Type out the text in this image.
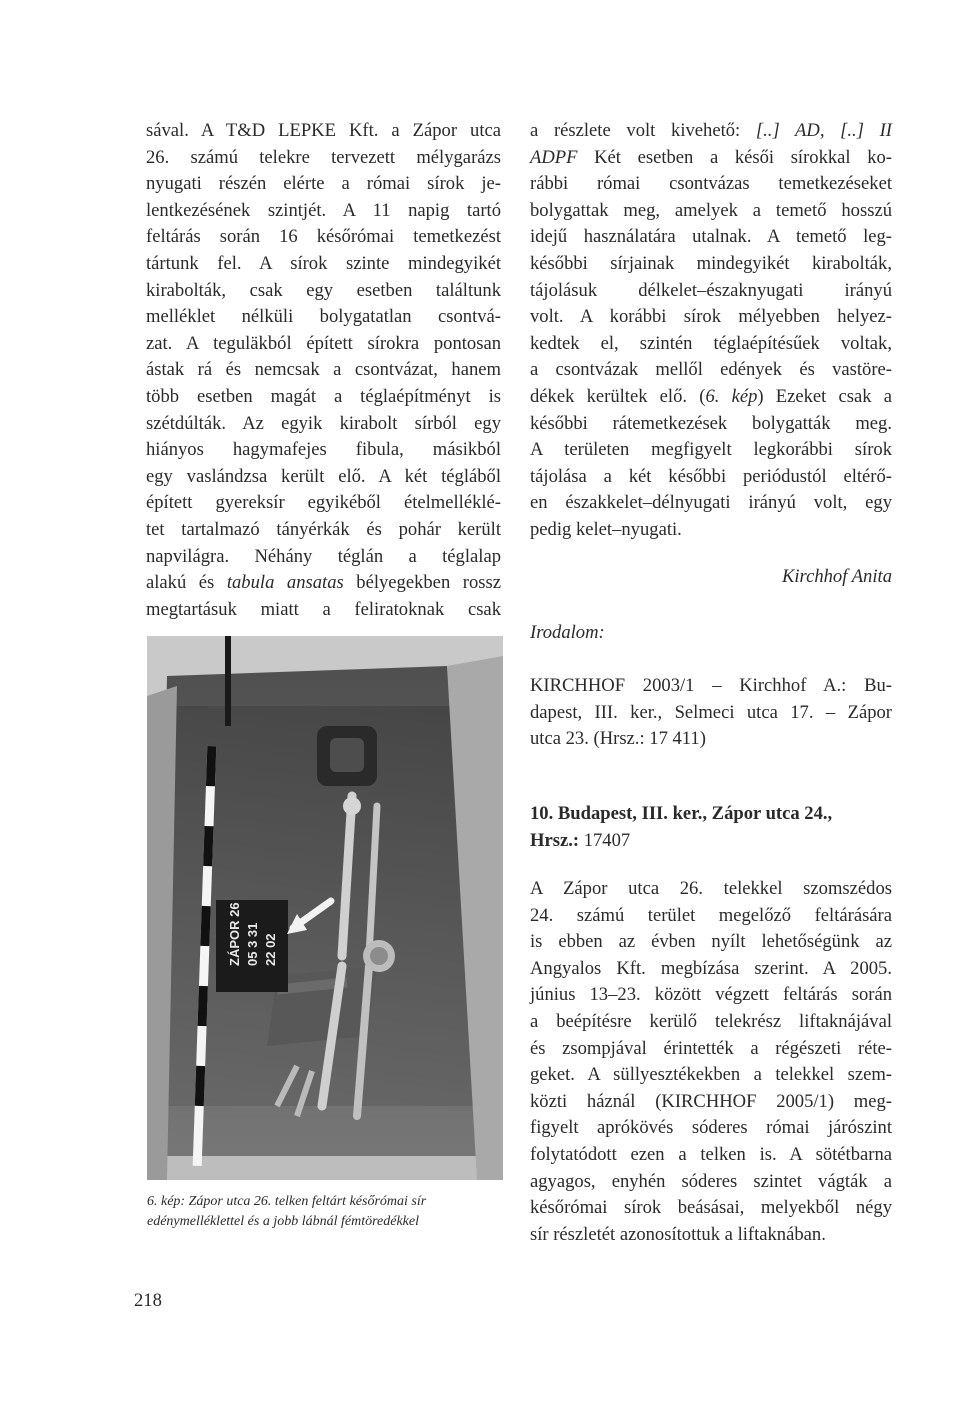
sával. A T&D LEPKE Kft. a Zápor utca
26. számú telekre tervezett mélygarázs
nyugati részén elérte a római sírok je-
lentkezésének szintjét. A 11 napig tartó
feltárás során 16 későrómai temetkezést
tártunk fel. A sírok szinte mindegyikét
kirabolták, csak egy esetben találtunk
melléklet nélküli bolygatatlan csontvá-
zat. A teguläkból épített sírokra pontosan
ástak rá és nemcsak a csontvázat, hanem
több esetben magát a téglaépítményt is
szétdúlták. Az egyik kirabolt sírból egy
hiányos hagymafejes fibula, másikból
egy vaslándzsa került elő. A két tégláből
épített gyereksír egyikéből ételmelléklé-
tet tartalmazó tányérkák és pohár került
napvilágra. Néhány téglán a téglalap
alakú és tabula ansatas bélyegekben rossz
megtartásuk miatt a feliratoknak csak
a részlete volt kivehető: [..] AD, [..] II
ADPF Két esetben a késői sírokkal ko-
rábbi római csontvázas temetkezéseket
bolygattak meg, amelyek a temető hosszú
idejű használatára utalnak. A temető leg-
későbbi sírjainak mindegyikét kirabolták,
tájolásuk délkelet–északnyugati irányú
volt. A korábbi sírok mélyebben helyez-
kedtek el, szintén téglaépítésűek voltak,
a csontvázak mellől edények és vastöre-
dékek kerültek elő. (6. kép) Ezeket csak a
későbbi rátemetkezések bolygatták meg.
A területen megfigyelt legkorábbi sírok
tájolása a két későbbi periódustól eltérő-
en északkelet–délnyugati irányú volt, egy
pedig kelet–nyugati.
Kirchhof Anita
Irodalom:
KIRCHHOF 2003/1 – Kirchhof A.: Bu-
dapest, III. ker., Selmeci utca 17. – Zápor
utca 23. (Hrsz.: 17 411)
10. Budapest, III. ker., Zápor utca 24.,
Hrsz.: 17407
A Zápor utca 26. telekkel szomszédos
24. számú terület megelőző feltárására
is ebben az évben nyílt lehetőségünk az
Angyalos Kft. megbízása szerint. A 2005.
június 13–23. között végzett feltárás során
a beépítésre kerülő telekrész liftaknájával
és zsompjával érintették a régészeti réte-
geket. A süllyesztékekben a telekkel szem-
közti háznál (KIRCHHOF 2005/1) meg-
figyelt aprókövés sóderes római járószint
folytatódott ezen a telken is. A sötétbarna
agyagos, enyhén sóderes szintet vágták a
későrómai sírok beásásai, melyekből négy
sír részletét azonosítottuk a liftaknában.
ZÁPOR 26 05 3 31 22 02
6. kép: Zápor utca 26. telken feltárt későrómai sír
edénymelléklettel és a jobb lábnál fémtöredékkel
218
